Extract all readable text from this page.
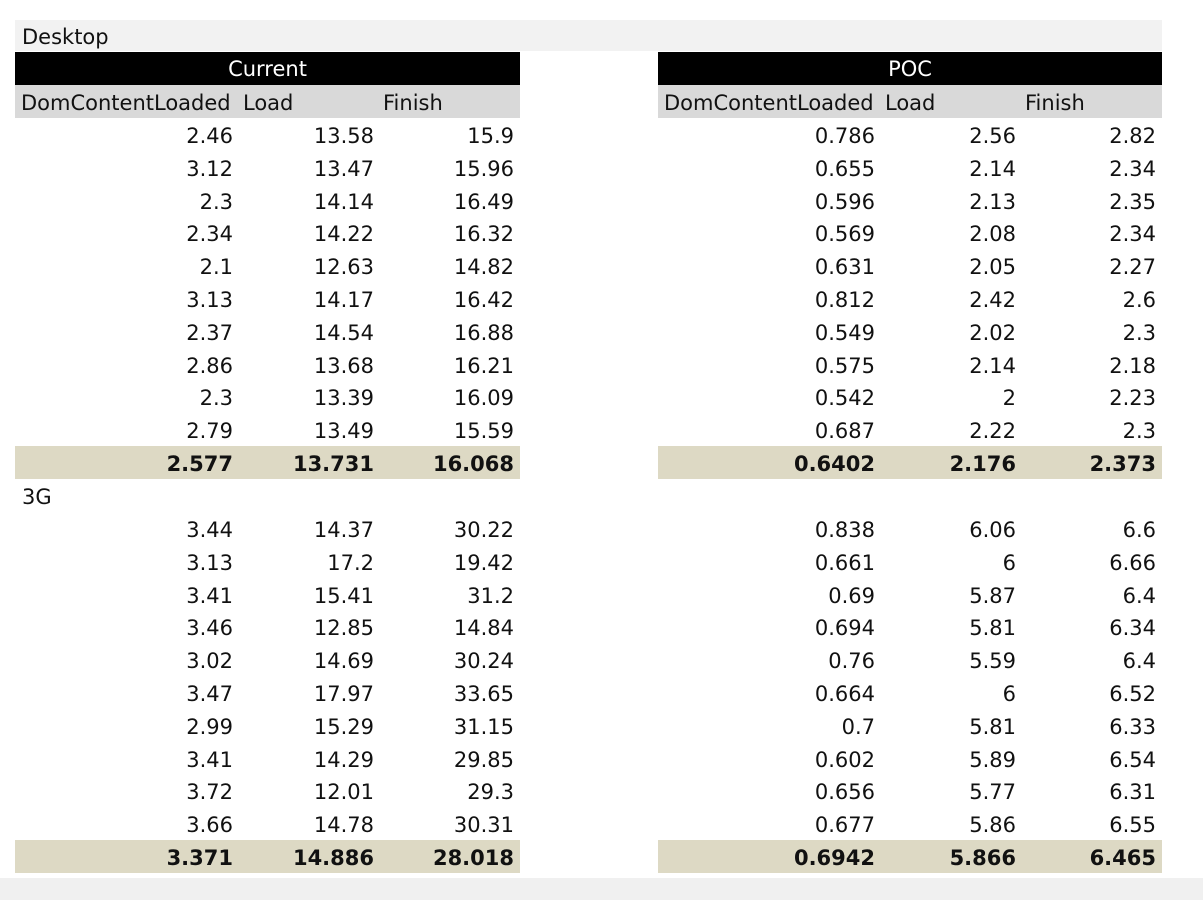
Desktop
Current	POC
DomContentLoaded Load	Finish	DomContentLoaded Load	Finish
3G
2.46	13.58	15.9	0.786	2.56	2.82
3.12	13.47	15.96	0.655	2.14	2.34
2.3	14.14	16.49	0.596	2.13	2.35
2.34	14.22	16.32	0.569	2.08	2.34
2.1	12.63	14.82	0.631	2.05	2.27
3.13	14.17	16.42	0.812	2.42	2.6
2.37	14.54	16.88	0.549	2.02	2.3
2.86	13.68	16.21	0.575	2.14	2.18
2.3	13.39	16.09	0.542	2	2.23
2.79	13.49	15.59	0.687	2.22	2.3
2.577	13.731	16.068	0.6402	2.176	2.373
3.44	14.37	30.22	0.838	6.06	6.6
3.13	17.2	19.42	0.661	6	6.66
3.41	15.41	31.2	0.69	5.87	6.4
3.46	12.85	14.84	0.694	5.81	6.34
3.02	14.69	30.24	0.76	5.59	6.4
3.47	17.97	33.65	0.664	6	6.52
2.99	15.29	31.15	0.7	5.81	6.33
3.41	14.29	29.85	0.602	5.89	6.54
3.72	12.01	29.3	0.656	5.77	6.31
3.66	14.78	30.31	0.677	5.86	6.55
3.371	14.886	28.018	0.6942	5.866	6.465
